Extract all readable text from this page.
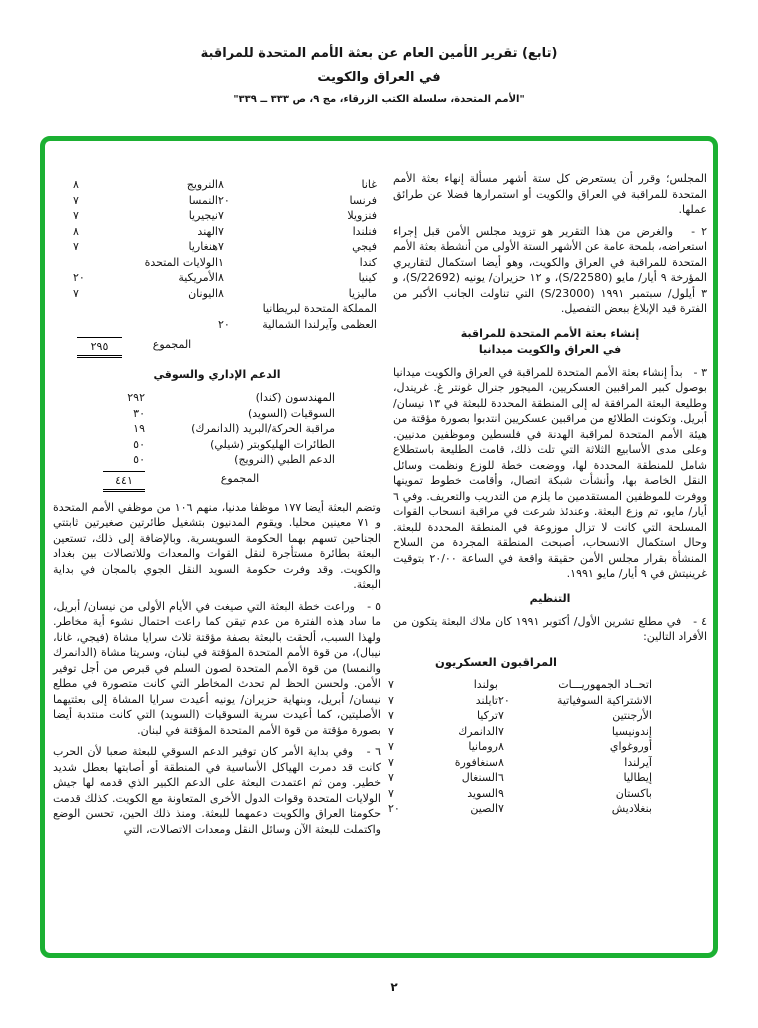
(تابع) تقرير الأمين العام عن بعثة الأمم المتحدة للمراقبة
في العراق والكويت
"الأمم المتحدة، سلسلة الكتب الزرقاء، مج ٩، ص ٣٣٣ ــ ٣٣٩"

المجلس؛ وقرر أن يستعرض كل ستة أشهر مسألة إنهاء بعثة الأمم المتحدة للمراقبة في العراق والكويت أو استمرارها فضلا عن طرائق عملها.

٢ -   والغرض من هذا التقرير هو تزويد مجلس الأمن قبل إجراء استعراضه، بلمحة عامة عن الأشهر الستة الأولى من أنشطة بعثة الأمم المتحدة للمراقبة في العراق والكويت، وهو أيضا استكمال لتقاريري المؤرخة ٩ أيار/ مايو (S/22580)، و ١٢ حزيران/ يونيه (S/22692)، و ٣ أيلول/ سبتمبر ١٩٩١ (S/23000) التي تناولت الجانب الأكبر من الفترة قيد الإبلاغ ببعض التفصيل.

إنشاء بعثة الأمم المتحدة للمراقبة
في العراق والكويت ميدانيا

٣ -   بدأ إنشاء بعثة الأمم المتحدة للمراقبة في العراق والكويت ميدانيا بوصول كبير المراقبين العسكريين، الميجور جنرال غونتر غ. غريندل، وطليعة البعثة المرافقة له إلى المنطقة المحددة للبعثة في ١٣ نيسان/ أبريل. وتكونت الطلائع من مراقبين عسكريين انتدبوا بصورة مؤقتة من هيئة الأمم المتحدة لمراقبة الهدنة في فلسطين وموظفين مدنيين. وعلى مدى الأسابيع الثلاثة التي تلت ذلك، قامت الطليعة باستطلاع شامل للمنطقة المحددة لها، ووضعت خطة للوزع ونظمت وسائل النقل الخاصة بها، وأنشأت شبكة اتصال، وأقامت خطوط تموينها ووفرت للموظفين المستقدمين ما يلزم من التدريب والتعريف. وفي ٦ أيار/ مايو، تم وزع البعثة. وعندئذ شرعت في مراقبة انسحاب القوات المسلحة التي كانت لا تزال موزوعة في المنطقة المحددة للبعثة. وحال استكمال الانسحاب، أصبحت المنطقة المجردة من السلاح المنشأة بقرار مجلس الأمن حقيقة واقعة في الساعة ٢٠/٠٠ بتوقيت غرينيتش في ٩ أيار/ مايو ١٩٩١.

التنظيم

٤ -   في مطلع تشرين الأول/ أكتوبر ١٩٩١ كان ملاك البعثة يتكون من الأفراد التالين:

المراقبون العسكريون
اتحــاد الجمهوريـــات
بولندا
٧
الاشتراكية السوفياتية
٢٠
تايلند
٧
الأرجنتين
٧
تركيا
٧
إندونيسيا
٧
الدانمرك
٧
أوروغواي
٨
رومانيا
٧
آيرلندا
٨
سنغافورة
٧
إيطاليا
٦
السنغال
٧
باكستان
٩
السويد
٧
بنغلاديش
٧
الصين
٢٠
غانا
٨
النرويج
٨
فرنسا
٢٠
النمسا
٧
فنزويلا
٧
نيجيريا
٧
فنلندا
٧
الهند
٨
فيجي
٧
هنغاريا
٧
كندا
١
الولايات المتحدة
كينيا
٨
الأمريكية
٢٠
ماليزيا
٨
اليونان
٧
المملكة المتحدة لبريطانيا
العظمى وآيرلندا الشمالية
٢٠
المجموع
٢٩٥
الدعم الإداري والسوقي
المهندسون (كندا)
٢٩٢
السوقيات (السويد)
٣٠
مراقبة الحركة/البريد (الدانمرك)
١٩
الطائرات الهليكوبتر (شيلي)
٥٠
الدعم الطبي (النرويج)
٥٠
المجموع
٤٤١

وتضم البعثة أيضا ١٧٧ موظفا مدنيا، منهم ١٠٦ من موظفي الأمم المتحدة و ٧١ معينين محليا. ويقوم المدنيون بتشغيل طائرتين صغيرتين ثابتتي الجناحين تسهم بهما الحكومة السويسرية. وبالإضافة إلى ذلك، تستعين البعثة بطائرة مستأجرة لنقل القوات والمعدات وللاتصالات بين بغداد والكويت. وقد وفرت حكومة السويد النقل الجوي بالمجان في بداية البعثة.

٥ -   وراعت خطة البعثة التي صيغت في الأيام الأولى من نيسان/ أبريل، ما ساد هذه الفترة من عدم تيقن كما راعت احتمال نشوء أية مخاطر. ولهذا السبب، ألحقت بالبعثة بصفة مؤقتة ثلاث سرايا مشاة (فيجي، غانا، نيبال)، من قوة الأمم المتحدة المؤقتة في لبنان، وسريتا مشاة (الدانمرك والنمسا) من قوة الأمم المتحدة لصون السلم في قبرص من أجل توفير الأمن. ولحسن الحظ لم تحدث المخاطر التي كانت متصورة في مطلع نيسان/ أبريل، وبنهاية حزيران/ يونيه أعيدت سرايا المشاة إلى بعثتيهما الأصليتين، كما أعيدت سرية السوقيات (السويد) التي كانت منتدبة أيضا بصورة مؤقتة من قوة الأمم المتحدة المؤقتة في لبنان.

٦ -   وفي بداية الأمر كان توفير الدعم السوقي للبعثة صعبا لأن الحرب كانت قد دمرت الهياكل الأساسية في المنطقة أو أصابتها بعطل شديد خطير. ومن ثم اعتمدت البعثة على الدعم الكبير الذي قدمه لها جيش الولايات المتحدة وقوات الدول الأخرى المتعاونة مع الكويت. كذلك قدمت حكومتا العراق والكويت دعمهما للبعثة. ومنذ ذلك الحين، تحسن الوضع واكتملت للبعثة الآن وسائل النقل ومعدات الاتصالات، التي

٢
